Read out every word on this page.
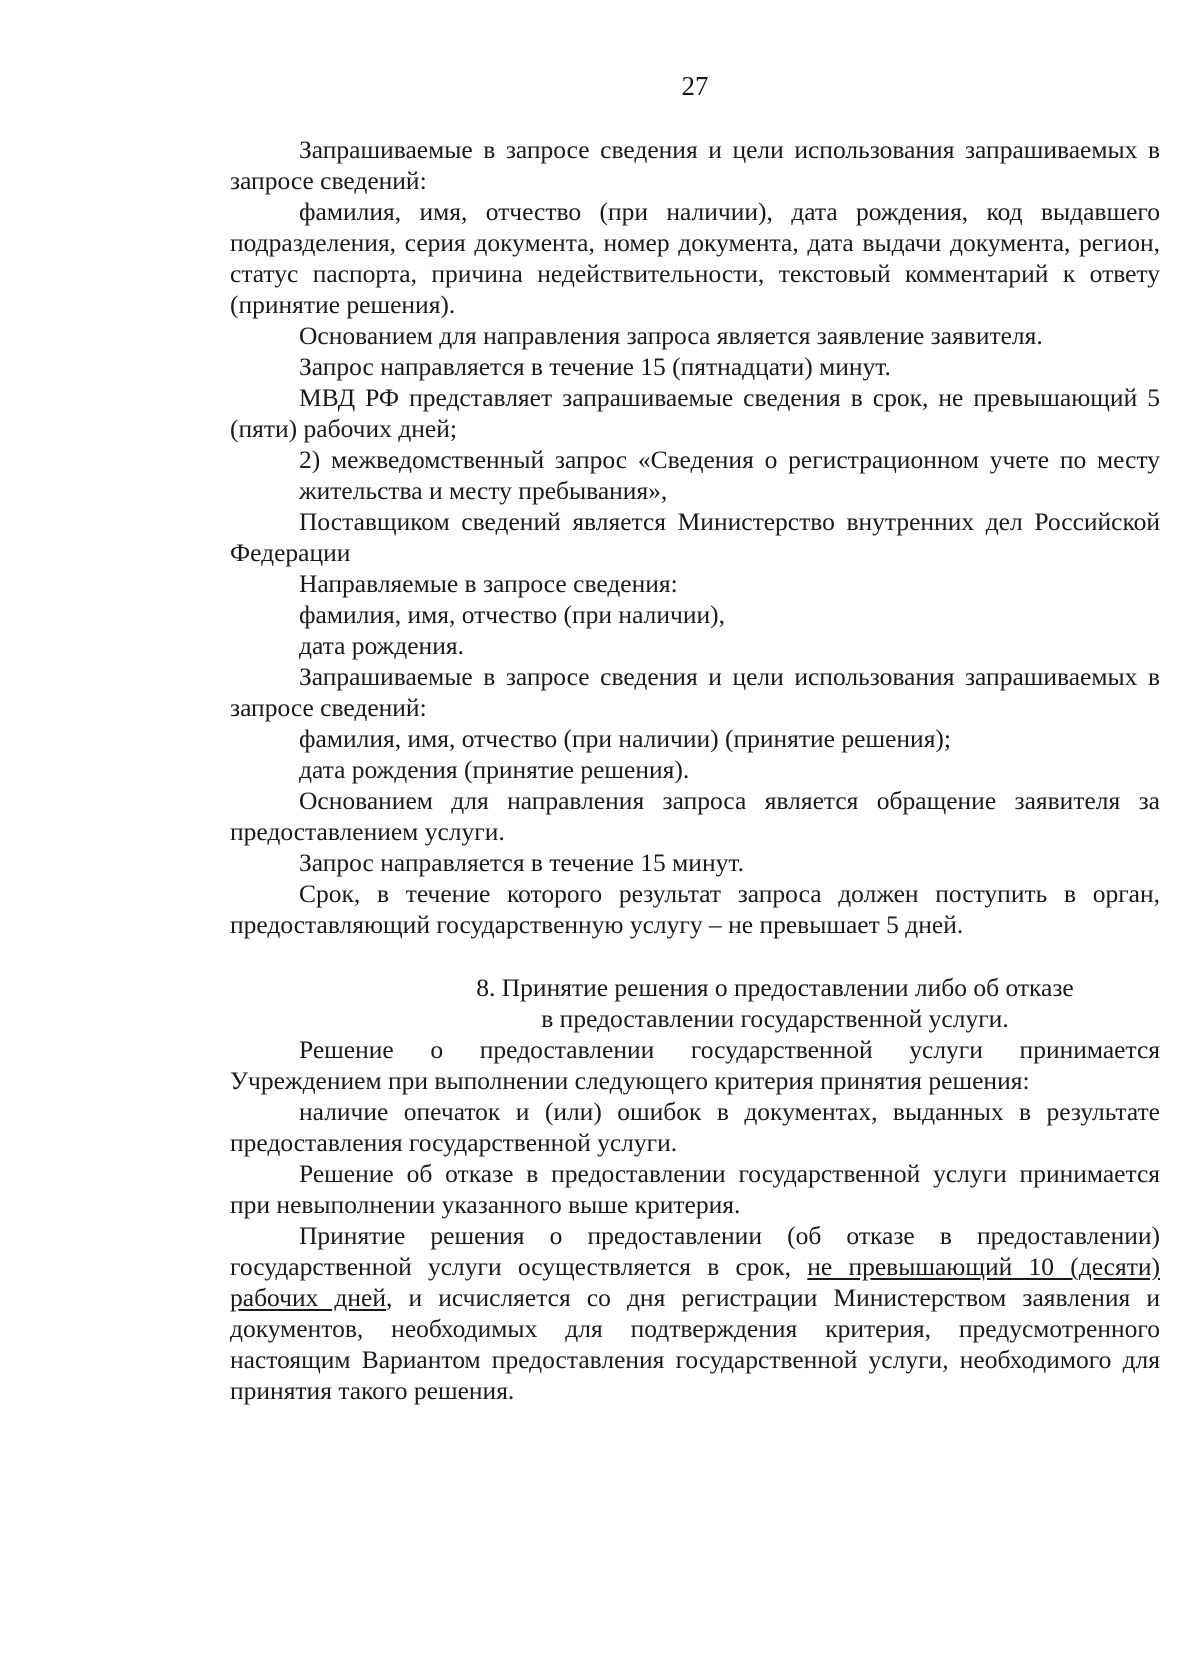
27

Запрашиваемые в запросе сведения и цели использования запрашиваемых в запросе сведений:

фамилия, имя, отчество (при наличии), дата рождения, код выдавшего подразделения, серия документа, номер документа, дата выдачи документа, регион, статус паспорта, причина недействительности, текстовый комментарий к ответу (принятие решения).

Основанием для направления запроса является заявление заявителя.

Запрос направляется в течение 15 (пятнадцати) минут.

МВД РФ представляет запрашиваемые сведения в срок, не превышающий 5 (пяти) рабочих дней;

2) межведомственный запрос «Сведения о регистрационном учете по месту жительства и месту пребывания»,

Поставщиком сведений является Министерство внутренних дел Российской Федерации

Направляемые в запросе сведения:

фамилия, имя, отчество (при наличии),

дата рождения.

Запрашиваемые в запросе сведения и цели использования запрашиваемых в запросе сведений:

фамилия, имя, отчество (при наличии) (принятие решения);

дата рождения (принятие решения).

Основанием для направления запроса является обращение заявителя за предоставлением услуги.

Запрос направляется в течение 15 минут.

Срок, в течение которого результат запроса должен поступить в орган, предоставляющий государственную услугу – не превышает 5 дней.

8. Принятие решения о предоставлении либо об отказе
в предоставлении государственной услуги.

Решение о предоставлении государственной услуги принимается Учреждением при выполнении следующего критерия принятия решения:

наличие опечаток и (или) ошибок в документах, выданных в результате предоставления государственной услуги.

Решение об отказе в предоставлении государственной услуги принимается при невыполнении указанного выше критерия.

Принятие решения о предоставлении (об отказе в предоставлении) государственной услуги осуществляется в срок, не превышающий 10 (десяти) рабочих дней, и исчисляется со дня регистрации Министерством заявления и документов, необходимых для подтверждения критерия, предусмотренного настоящим Вариантом предоставления государственной услуги, необходимого для принятия такого решения.
